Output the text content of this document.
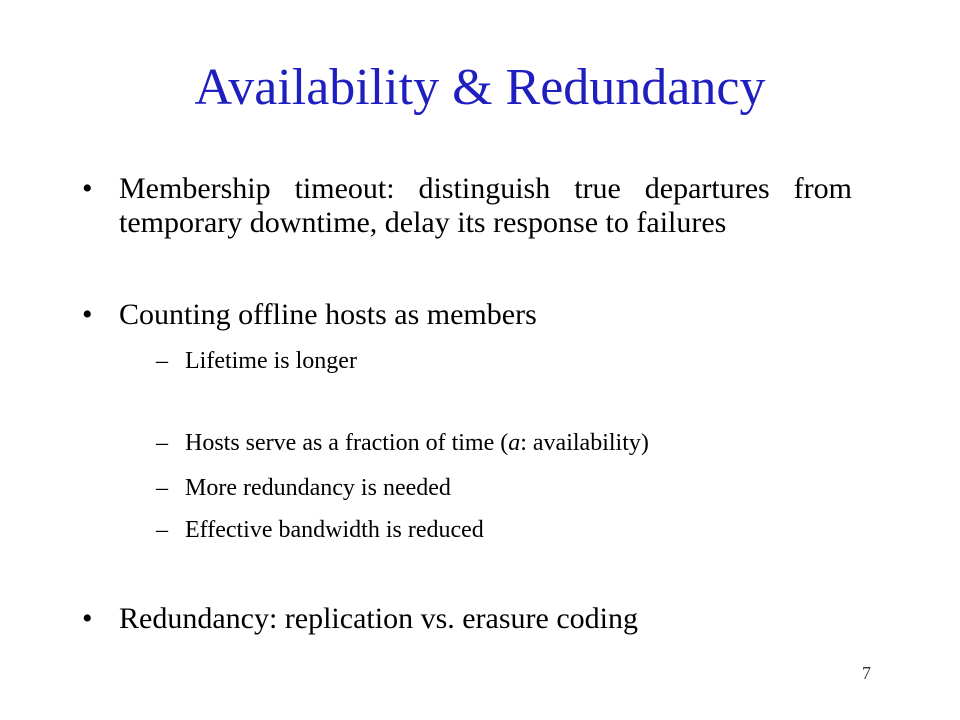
Availability & Redundancy
• Membership timeout: distinguish true departures from temporary downtime, delay its response to failures
• Counting offline hosts as members
– Lifetime is longer
– Hosts serve as a fraction of time (a: availability)
– More redundancy is needed
– Effective bandwidth is reduced
• Redundancy: replication vs. erasure coding
7
